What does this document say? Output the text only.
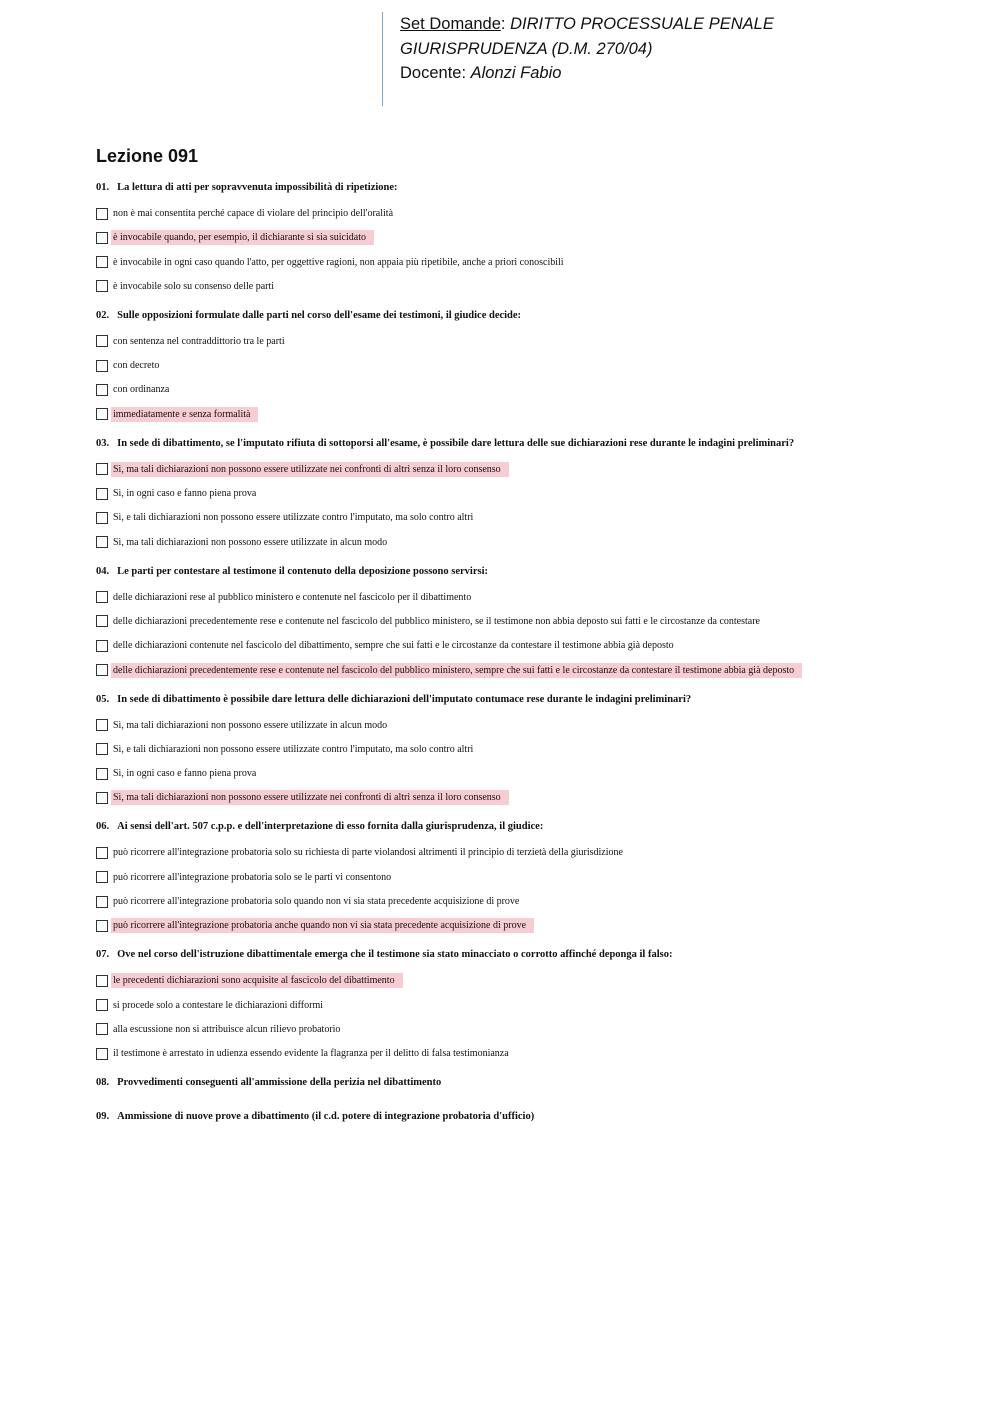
Set Domande: DIRITTO PROCESSUALE PENALE
GIURISPRUDENZA (D.M. 270/04)
Docente: Alonzi Fabio
Lezione 091

01. La lettura di atti per sopravvenuta impossibilità di ripetizione:

non è mai consentita perché capace di violare del principio dell'oralità
è invocabile quando, per esempio, il dichiarante si sia suicidato
è invocabile in ogni caso quando l'atto, per oggettive ragioni, non appaia più ripetibile, anche a priori conoscibili
è invocabile solo su consenso delle parti

02. Sulle opposizioni formulate dalle parti nel corso dell'esame dei testimoni, il giudice decide:

con sentenza nel contraddittorio tra le parti
con decreto
con ordinanza
immediatamente e senza formalità

03. In sede di dibattimento, se l'imputato rifiuta di sottoporsi all'esame, è possibile dare lettura delle sue dichiarazioni rese durante le indagini preliminari?

Sì, ma tali dichiarazioni non possono essere utilizzate nei confronti di altri senza il loro consenso
Sì, in ogni caso e fanno piena prova
Sì, e tali dichiarazioni non possono essere utilizzate contro l'imputato, ma solo contro altri
Sì, ma tali dichiarazioni non possono essere utilizzate in alcun modo

04. Le parti per contestare al testimone il contenuto della deposizione possono servirsi:

delle dichiarazioni rese al pubblico ministero e contenute nel fascicolo per il dibattimento
delle dichiarazioni precedentemente rese e contenute nel fascicolo del pubblico ministero, se il testimone non abbia deposto sui fatti e le circostanze da contestare
delle dichiarazioni contenute nel fascicolo del dibattimento, sempre che sui fatti e le circostanze da contestare il testimone abbia già deposto
delle dichiarazioni precedentemente rese e contenute nel fascicolo del pubblico ministero, sempre che sui fatti e le circostanze da contestare il testimone abbia già deposto

05. In sede di dibattimento è possibile dare lettura delle dichiarazioni dell'imputato contumace rese durante le indagini preliminari?

Sì, ma tali dichiarazioni non possono essere utilizzate in alcun modo
Sì, e tali dichiarazioni non possono essere utilizzate contro l'imputato, ma solo contro altri
Sì, in ogni caso e fanno piena prova
Sì, ma tali dichiarazioni non possono essere utilizzate nei confronti di altri senza il loro consenso

06. Ai sensi dell'art. 507 c.p.p. e dell'interpretazione di esso fornita dalla giurisprudenza, il giudice:

può ricorrere all'integrazione probatoria solo su richiesta di parte violandosi altrimenti il principio di terzietà della giurisdizione
può ricorrere all'integrazione probatoria solo se le parti vi consentono
può ricorrere all'integrazione probatoria solo quando non vi sia stata precedente acquisizione di prove
può ricorrere all'integrazione probatoria anche quando non vi sia stata precedente acquisizione di prove

07. Ove nel corso dell'istruzione dibattimentale emerga che il testimone sia stato minacciato o corrotto affinché deponga il falso:

le precedenti dichiarazioni sono acquisite al fascicolo del dibattimento
si procede solo a contestare le dichiarazioni difformi
alla escussione non si attribuisce alcun rilievo probatorio
il testimone è arrestato in udienza essendo evidente la flagranza per il delitto di falsa testimonianza

08. Provvedimenti conseguenti all'ammissione della perizia nel dibattimento

09. Ammissione di nuove prove a dibattimento (il c.d. potere di integrazione probatoria d'ufficio)
